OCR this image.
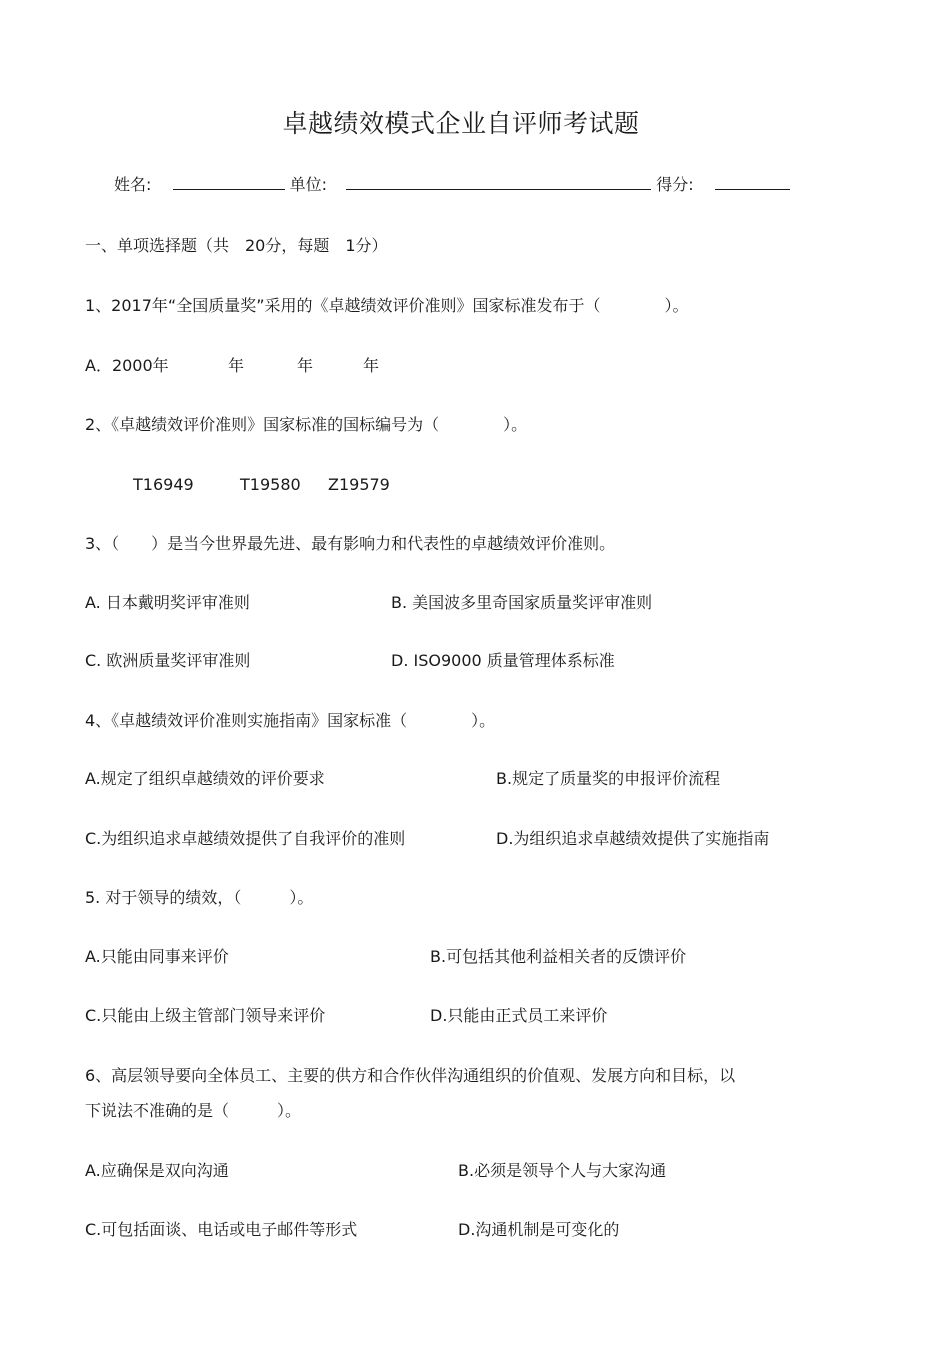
卓越绩效模式企业自评师考试题
姓名:	单位:	得分:
一、单项选择题（共　20分，每题　1分）
1、2017年“全国质量奖”采用的《卓越绩效评价准则》国家标准发布于（　　　　）。
A．2000年	年	年	年
2、《卓越绩效评价准则》国家标准的国标编号为（　　　　）。
T16949	T19580 Z19579
3、（　　）是当今世界最先进、最有影响力和代表性的卓越绩效评价准则。
A. 日本戴明奖评审准则	B. 美国波多里奇国家质量奖评审准则
C. 欧洲质量奖评审准则	D. ISO9000 质量管理体系标准
4、《卓越绩效评价准则实施指南》国家标准（　　　　）。
A.规定了组织卓越绩效的评价要求	B.规定了质量奖的申报评价流程
C.为组织追求卓越绩效提供了自我评价的准则	D.为组织追求卓越绩效提供了实施指南
5. 对于领导的绩效，（　　　）。
A.只能由同事来评价	B.可包括其他利益相关者的反馈评价
C.只能由上级主管部门领导来评价	D.只能由正式员工来评价
6、高层领导要向全体员工、主要的供方和合作伙伴沟通组织的价值观、发展方向和目标，以
下说法不准确的是（　　　）。
A.应确保是双向沟通	B.必须是领导个人与大家沟通
C.可包括面谈、电话或电子邮件等形式	D.沟通机制是可变化的
